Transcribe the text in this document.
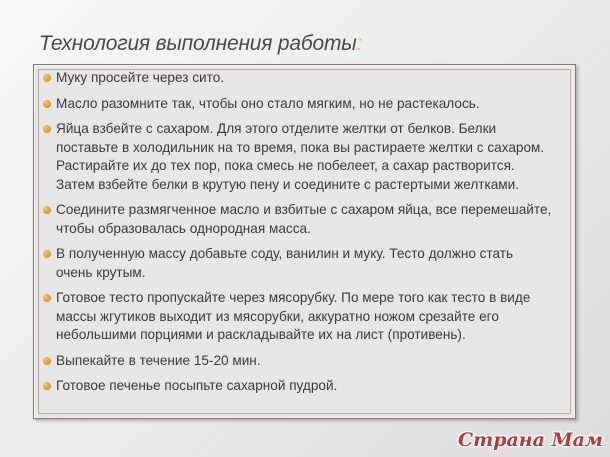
Технология выполнения работы:
Муку просейте через сито.
Масло разомните так, чтобы оно стало мягким, но не растекалось.
Яйца взбейте с сахаром. Для этого отделите желтки от белков. Белки поставьте в холодильник на то время, пока вы растираете желтки с сахаром. Растирайте их до тех пор, пока смесь не побелеет, а сахар растворится. Затем взбейте белки в крутую пену и соедините с растертыми желтками.
Соедините размягченное масло и взбитые с сахаром яйца, все перемешайте, чтобы образовалась однородная масса.
В полученную массу добавьте соду, ванилин и муку. Тесто должно стать очень крутым.
Готовое тесто пропускайте через мясорубку. По мере того как тесто в виде массы жгутиков выходит из мясорубки, аккуратно ножом срезайте его небольшими порциями и раскладывайте их на лист (противень).
Выпекайте в течение 15-20 мин.
Готовое печенье посыпьте сахарной пудрой.
Страна Мам
